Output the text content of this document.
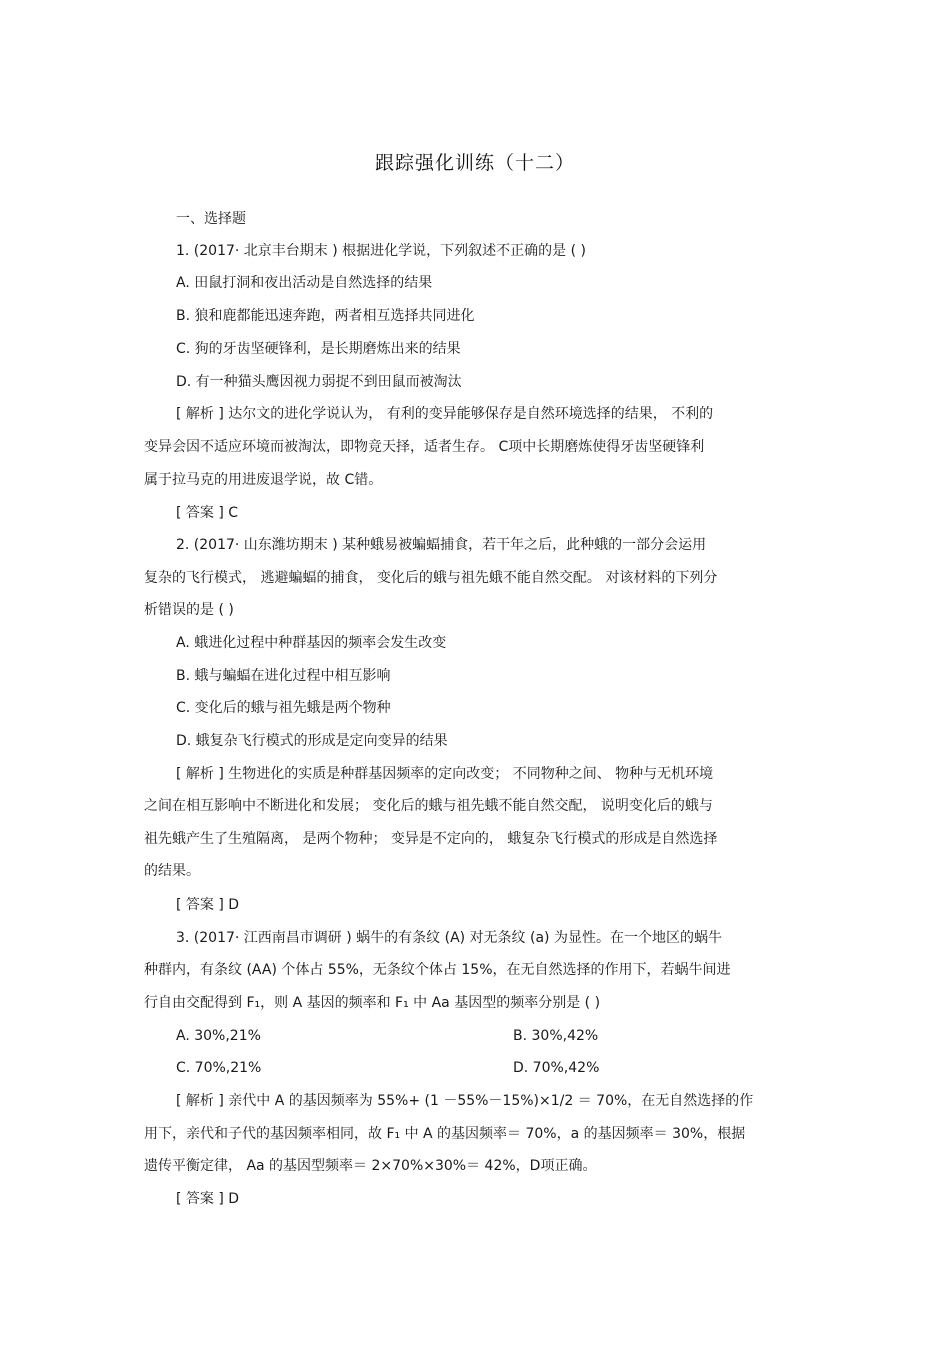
跟踪强化训练（十二）
一、选择题
1. (2017· 北京丰台期末 ) 根据进化学说，下列叙述不正确的是 ( )
A. 田鼠打洞和夜出活动是自然选择的结果
B. 狼和鹿都能迅速奔跑，两者相互选择共同进化
C. 狗的牙齿坚硬锋利，是长期磨炼出来的结果
D. 有一种猫头鹰因视力弱捉不到田鼠而被淘汰
[ 解析 ] 达尔文的进化学说认为， 有利的变异能够保存是自然环境选择的结果， 不利的
变异会因不适应环境而被淘汰，即物竞天择，适者生存。 C项中长期磨炼使得牙齿坚硬锋利
属于拉马克的用进废退学说，故 C错。
[ 答案 ] C
2. (2017· 山东潍坊期末 ) 某种蛾易被蝙蝠捕食，若干年之后，此种蛾的一部分会运用
复杂的飞行模式， 逃避蝙蝠的捕食， 变化后的蛾与祖先蛾不能自然交配。 对该材料的下列分
析错误的是 ( )
A. 蛾进化过程中种群基因的频率会发生改变
B. 蛾与蝙蝠在进化过程中相互影响
C. 变化后的蛾与祖先蛾是两个物种
D. 蛾复杂飞行模式的形成是定向变异的结果
[ 解析 ] 生物进化的实质是种群基因频率的定向改变； 不同物种之间、 物种与无机环境
之间在相互影响中不断进化和发展； 变化后的蛾与祖先蛾不能自然交配， 说明变化后的蛾与
祖先蛾产生了生殖隔离， 是两个物种； 变异是不定向的， 蛾复杂飞行模式的形成是自然选择
的结果。
[ 答案 ] D
3. (2017· 江西南昌市调研 ) 蜗牛的有条纹 (A) 对无条纹 (a) 为显性。在一个地区的蜗牛
种群内，有条纹 (AA) 个体占 55%，无条纹个体占 15%，在无自然选择的作用下，若蜗牛间进
行自由交配得到 F₁，则 A 基因的频率和 F₁ 中 Aa 基因型的频率分别是 ( )
A. 30%,21%	B. 30%,42%
C. 70%,21%	D. 70%,42%
[ 解析 ] 亲代中 A 的基因频率为 55%+ (1 －55%－15%)×1/2 ＝ 70%，在无自然选择的作
用下，亲代和子代的基因频率相同，故 F₁ 中 A 的基因频率＝ 70%，a 的基因频率＝ 30%，根据
遗传平衡定律， Aa 的基因型频率＝ 2×70%×30%＝ 42%，D项正确。
[ 答案 ] D
